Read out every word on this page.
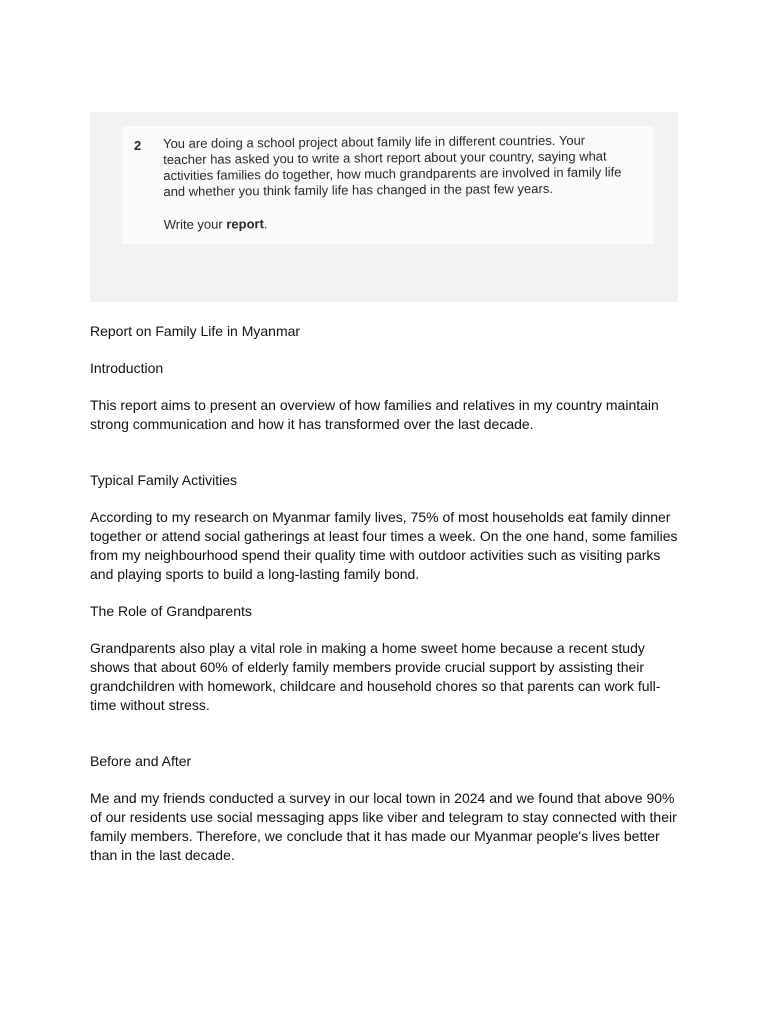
2 You are doing a school project about family life in different countries. Your

teacher has asked you to write a short report about your country, saying what

activities families do together, how much grandparents are involved in family life

and whether you think family life has changed in the past few years.

Write your report.

Report on Family Life in Myanmar

Introduction

This report aims to present an overview of how families and relatives in my country maintain strong communication and how it has transformed over the last decade.

Typical Family Activities

According to my research on Myanmar family lives, 75% of most households eat family dinner together or attend social gatherings at least four times a week. On the one hand, some families from my neighbourhood spend their quality time with outdoor activities such as visiting parks and playing sports to build a long-lasting family bond.

The Role of Grandparents

Grandparents also play a vital role in making a home sweet home because a recent study shows that about 60% of elderly family members provide crucial support by assisting their grandchildren with homework, childcare and household chores so that parents can work full-time without stress.

Before and After

Me and my friends conducted a survey in our local town in 2024 and we found that above 90% of our residents use social messaging apps like viber and telegram to stay connected with their family members. Therefore, we conclude that it has made our Myanmar people's lives better than in the last decade.
